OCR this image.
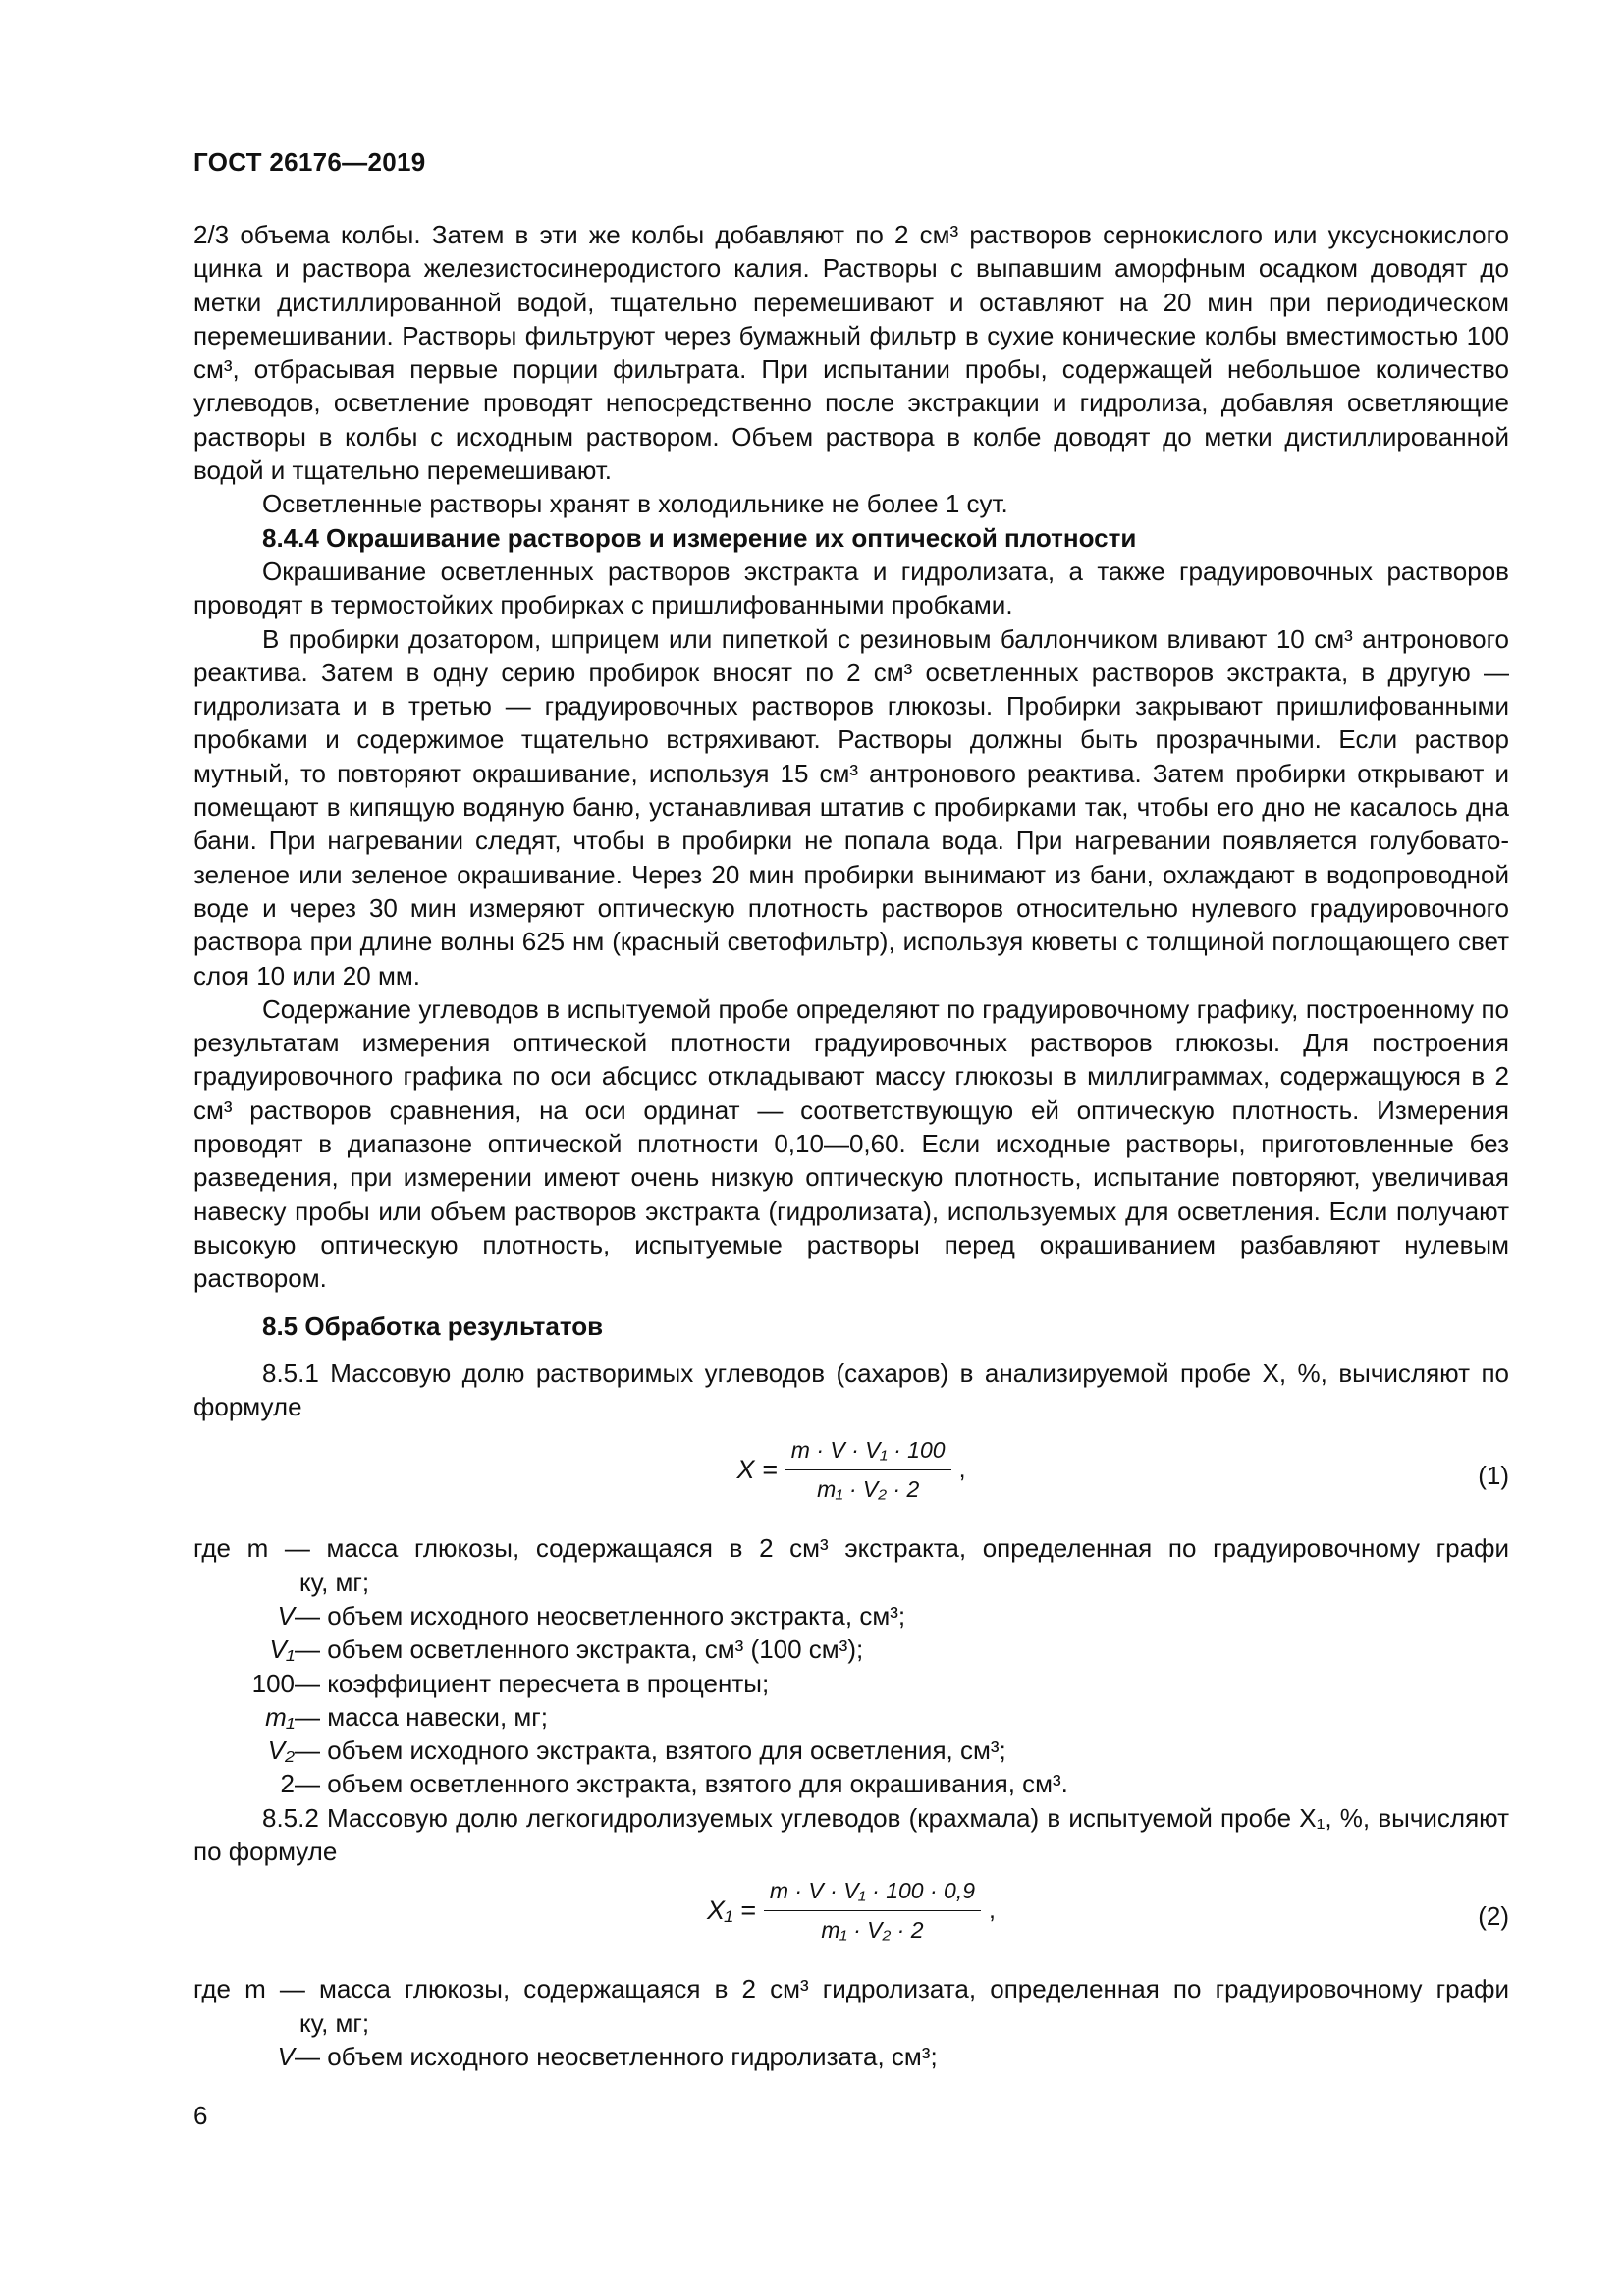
ГОСТ 26176—2019

2/3 объема колбы. Затем в эти же колбы добавляют по 2 см³ растворов сернокислого или уксуснокислого цинка и раствора железистосинеродистого калия. Растворы с выпавшим аморфным осадком доводят до метки дистиллированной водой, тщательно перемешивают и оставляют на 20 мин при периодическом перемешивании. Растворы фильтруют через бумажный фильтр в сухие конические колбы вместимостью 100 см³, отбрасывая первые порции фильтрата. При испытании пробы, содержащей небольшое количество углеводов, осветление проводят непосредственно после экстракции и гидролиза, добавляя осветляющие растворы в колбы с исходным раствором. Объем раствора в колбе доводят до метки дистиллированной водой и тщательно перемешивают.

Осветленные растворы хранят в холодильнике не более 1 сут.

8.4.4 Окрашивание растворов и измерение их оптической плотности

Окрашивание осветленных растворов экстракта и гидролизата, а также градуировочных растворов проводят в термостойких пробирках с пришлифованными пробками.

В пробирки дозатором, шприцем или пипеткой с резиновым баллончиком вливают 10 см³ антронового реактива. Затем в одну серию пробирок вносят по 2 см³ осветленных растворов экстракта, в другую — гидролизата и в третью — градуировочных растворов глюкозы. Пробирки закрывают пришлифованными пробками и содержимое тщательно встряхивают. Растворы должны быть прозрачными. Если раствор мутный, то повторяют окрашивание, используя 15 см³ антронового реактива. Затем пробирки открывают и помещают в кипящую водяную баню, устанавливая штатив с пробирками так, чтобы его дно не касалось дна бани. При нагревании следят, чтобы в пробирки не попала вода. При нагревании появляется голубовато-зеленое или зеленое окрашивание. Через 20 мин пробирки вынимают из бани, охлаждают в водопроводной воде и через 30 мин измеряют оптическую плотность растворов относительно нулевого градуировочного раствора при длине волны 625 нм (красный светофильтр), используя кюветы с толщиной поглощающего свет слоя 10 или 20 мм.

Содержание углеводов в испытуемой пробе определяют по градуировочному графику, построенному по результатам измерения оптической плотности градуировочных растворов глюкозы. Для построения градуировочного графика по оси абсцисс откладывают массу глюкозы в миллиграммах, содержащуюся в 2 см³ растворов сравнения, на оси ординат — соответствующую ей оптическую плотность. Измерения проводят в диапазоне оптической плотности 0,10—0,60. Если исходные растворы, приготовленные без разведения, при измерении имеют очень низкую оптическую плотность, испытание повторяют, увеличивая навеску пробы или объем растворов экстракта (гидролизата), используемых для осветления. Если получают высокую оптическую плотность, испытуемые растворы перед окрашиванием разбавляют нулевым раствором.

8.5 Обработка результатов

8.5.1 Массовую долю растворимых углеводов (сахаров) в анализируемой пробе X, %, вычисляют по формуле

$X = \frac{\text{m · V · V₁ · 100}}{\text{m₁ · V₂ · 2}}$ ,	(1)

где m — масса глюкозы, содержащаяся в 2 см³ экстракта, определенная по градуировочному графи

ку, мг;

V — объем исходного неосветленного экстракта, см³;
V₁ — объем осветленного экстракта, см³ (100 см³);
100 — коэффициент пересчета в проценты;
m₁ — масса навески, мг;
V₂ — объем исходного экстракта, взятого для осветления, см³;
2 — объем осветленного экстракта, взятого для окрашивания, см³.

8.5.2 Массовую долю легкогидролизуемых углеводов (крахмала) в испытуемой пробе X₁, %, вычисляют по формуле

$X_1 = \frac{\text{m · V · V₁ · 100 · 0,9}}{\text{m₁ · V₂ · 2}}$ ,	(2)

где m — масса глюкозы, содержащаяся в 2 см³ гидролизата, определенная по градуировочному графи

ку, мг;

V — объем исходного неосветленного гидролизата, см³;
6
